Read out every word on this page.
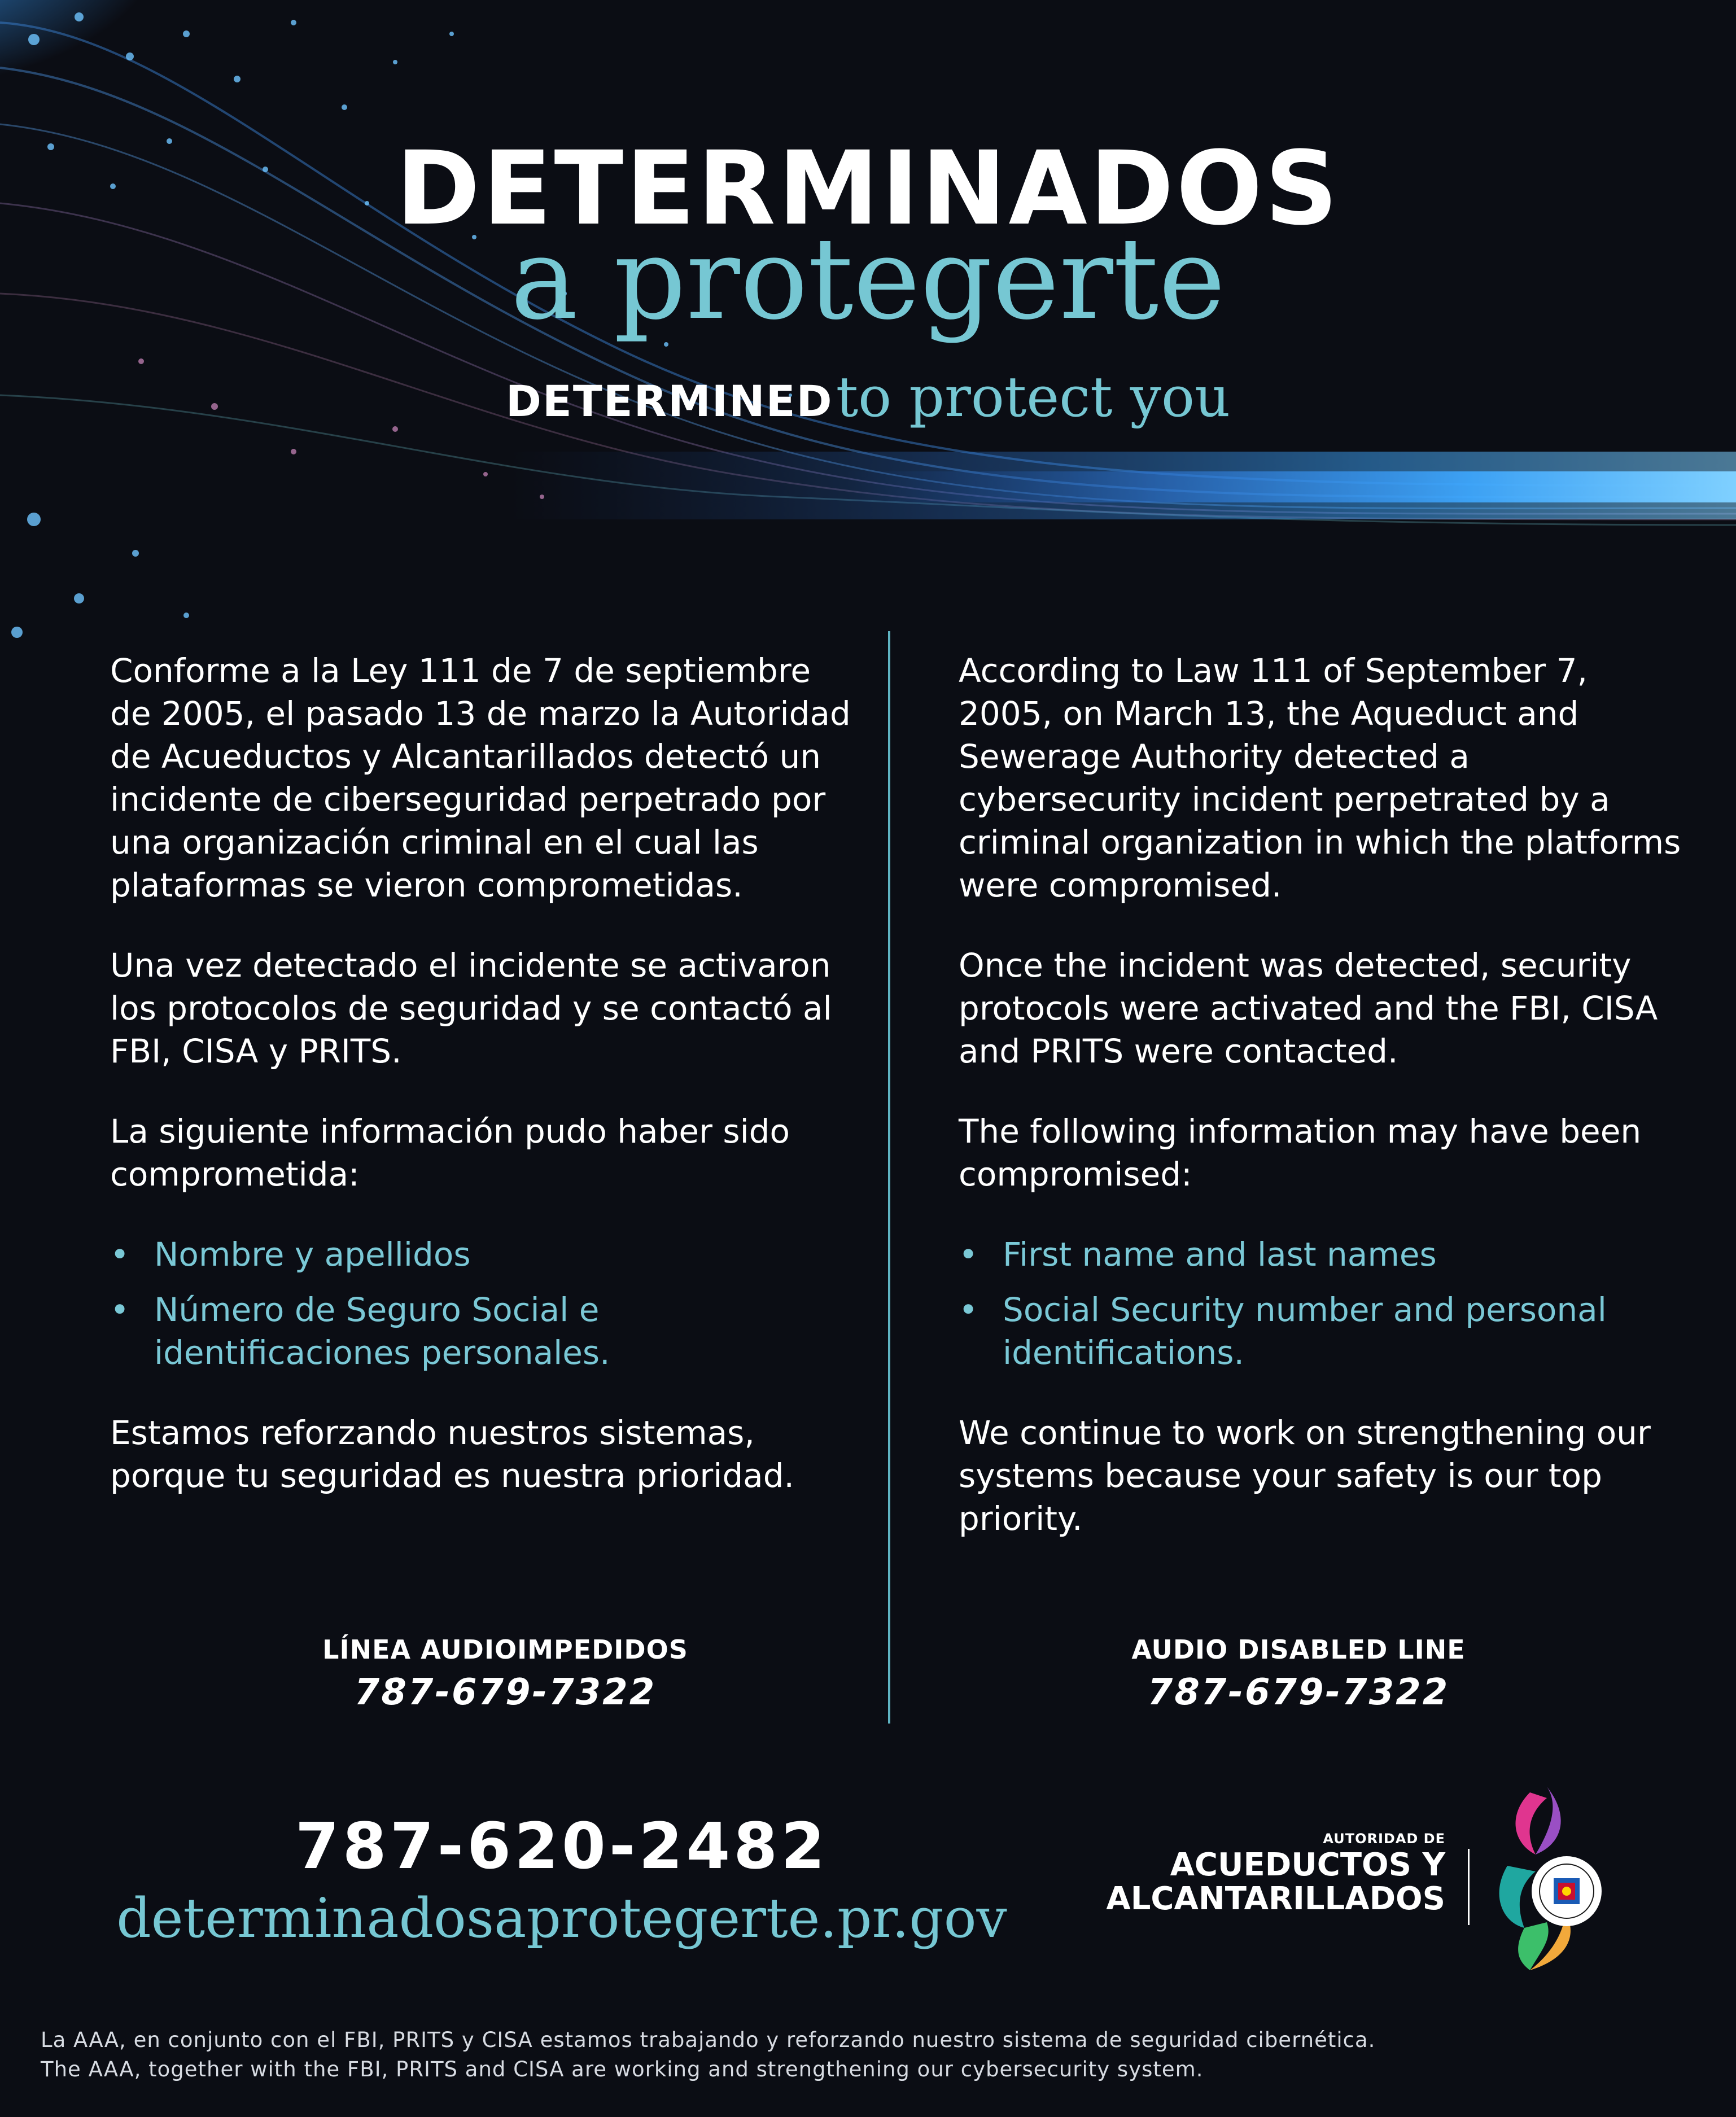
DETERMINADOS
a protegerte
DETERMINED to protect you

Conforme a la Ley 111 de 7 de septiembre de 2005, el pasado 13 de marzo la Autoridad de Acueductos y Alcantarillados detectó un incidente de ciberseguridad perpetrado por una organización criminal en el cual las plataformas se vieron comprometidas.

Una vez detectado el incidente se activaron los protocolos de seguridad y se contactó al FBI, CISA y PRITS.

La siguiente información pudo haber sido comprometida:

• Nombre y apellidos
• Número de Seguro Social e identificaciones personales.

Estamos reforzando nuestros sistemas, porque tu seguridad es nuestra prioridad.

According to Law 111 of September 7, 2005, on March 13, the Aqueduct and Sewerage Authority detected a cybersecurity incident perpetrated by a criminal organization in which the platforms were compromised.

Once the incident was detected, security protocols were activated and the FBI, CISA and PRITS were contacted.

The following information may have been compromised:

• First name and last names
• Social Security number and personal identifications.

We continue to work on strengthening our systems because your safety is our top priority.

LÍNEA AUDIOIMPEDIDOS
787-679-7322
AUDIO DISABLED LINE
787-679-7322
787-620-2482
determinadosaprotegerte.pr.gov
AUTORIDAD DE
ACUEDUCTOS Y
ALCANTARILLADOS
La AAA, en conjunto con el FBI, PRITS y CISA estamos trabajando y reforzando nuestro sistema de seguridad cibernética.
The AAA, together with the FBI, PRITS and CISA are working and strengthening our cybersecurity system.
